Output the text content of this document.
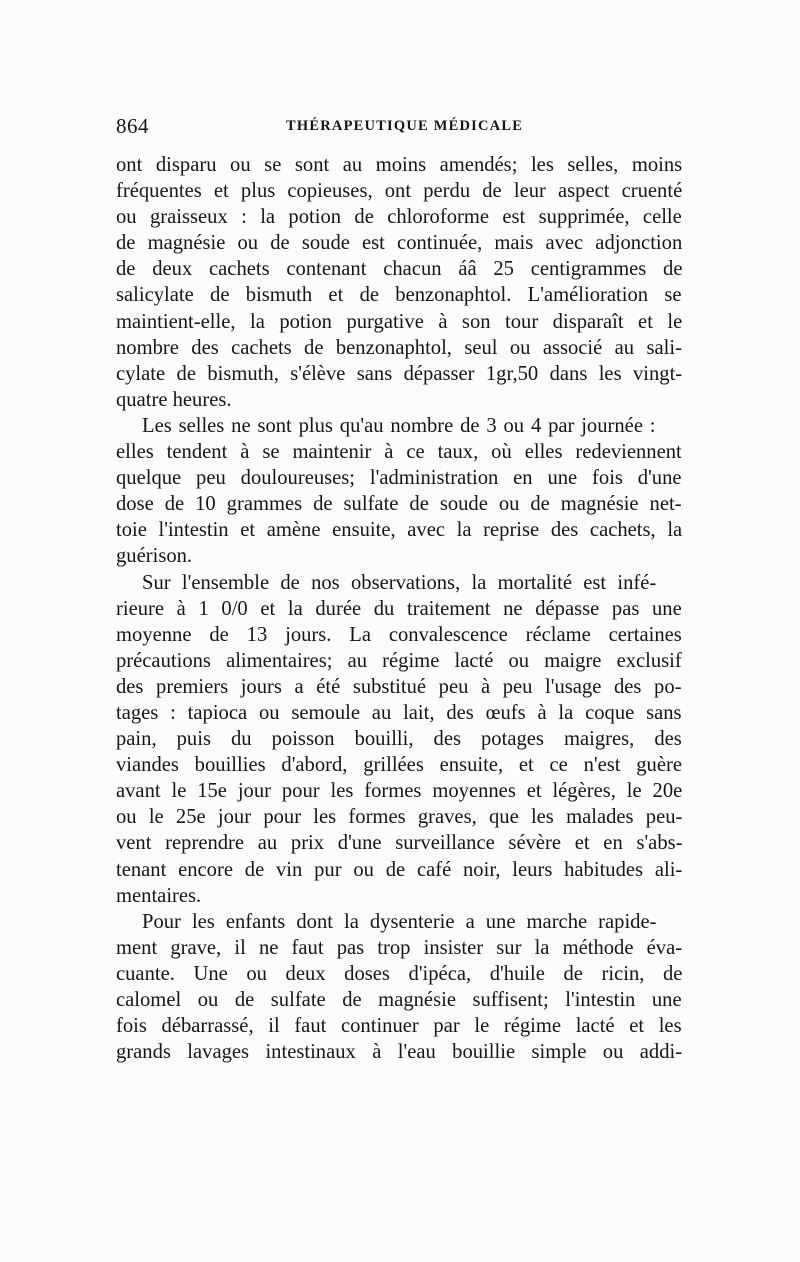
864	THÉRAPEUTIQUE MÉDICALE

ont disparu ou se sont au moins amendés; les selles, moins
fréquentes et plus copieuses, ont perdu de leur aspect cruenté
ou graisseux : la potion de chloroforme est supprimée, celle
de magnésie ou de soude est continuée, mais avec adjonction
de deux cachets contenant chacun áâ 25 centigrammes de
salicylate de bismuth et de benzonaphtol. L'amélioration se
maintient-elle, la potion purgative à son tour disparaît et le
nombre des cachets de benzonaphtol, seul ou associé au sali-
cylate de bismuth, s'élève sans dépasser 1gr,50 dans les vingt-
quatre heures.

Les selles ne sont plus qu'au nombre de 3 ou 4 par journée :
elles tendent à se maintenir à ce taux, où elles redeviennent
quelque peu douloureuses; l'administration en une fois d'une
dose de 10 grammes de sulfate de soude ou de magnésie net-
toie l'intestin et amène ensuite, avec la reprise des cachets, la
guérison.

Sur l'ensemble de nos observations, la mortalité est infé-
rieure à 1 0/0 et la durée du traitement ne dépasse pas une
moyenne de 13 jours. La convalescence réclame certaines
précautions alimentaires; au régime lacté ou maigre exclusif
des premiers jours a été substitué peu à peu l'usage des po-
tages : tapioca ou semoule au lait, des œufs à la coque sans
pain, puis du poisson bouilli, des potages maigres, des
viandes bouillies d'abord, grillées ensuite, et ce n'est guère
avant le 15e jour pour les formes moyennes et légères, le 20e
ou le 25e jour pour les formes graves, que les malades peu-
vent reprendre au prix d'une surveillance sévère et en s'abs-
tenant encore de vin pur ou de café noir, leurs habitudes ali-
mentaires.

Pour les enfants dont la dysenterie a une marche rapide-
ment grave, il ne faut pas trop insister sur la méthode éva-
cuante. Une ou deux doses d'ipéca, d'huile de ricin, de
calomel ou de sulfate de magnésie suffisent; l'intestin une
fois débarrassé, il faut continuer par le régime lacté et les
grands lavages intestinaux à l'eau bouillie simple ou addi-
